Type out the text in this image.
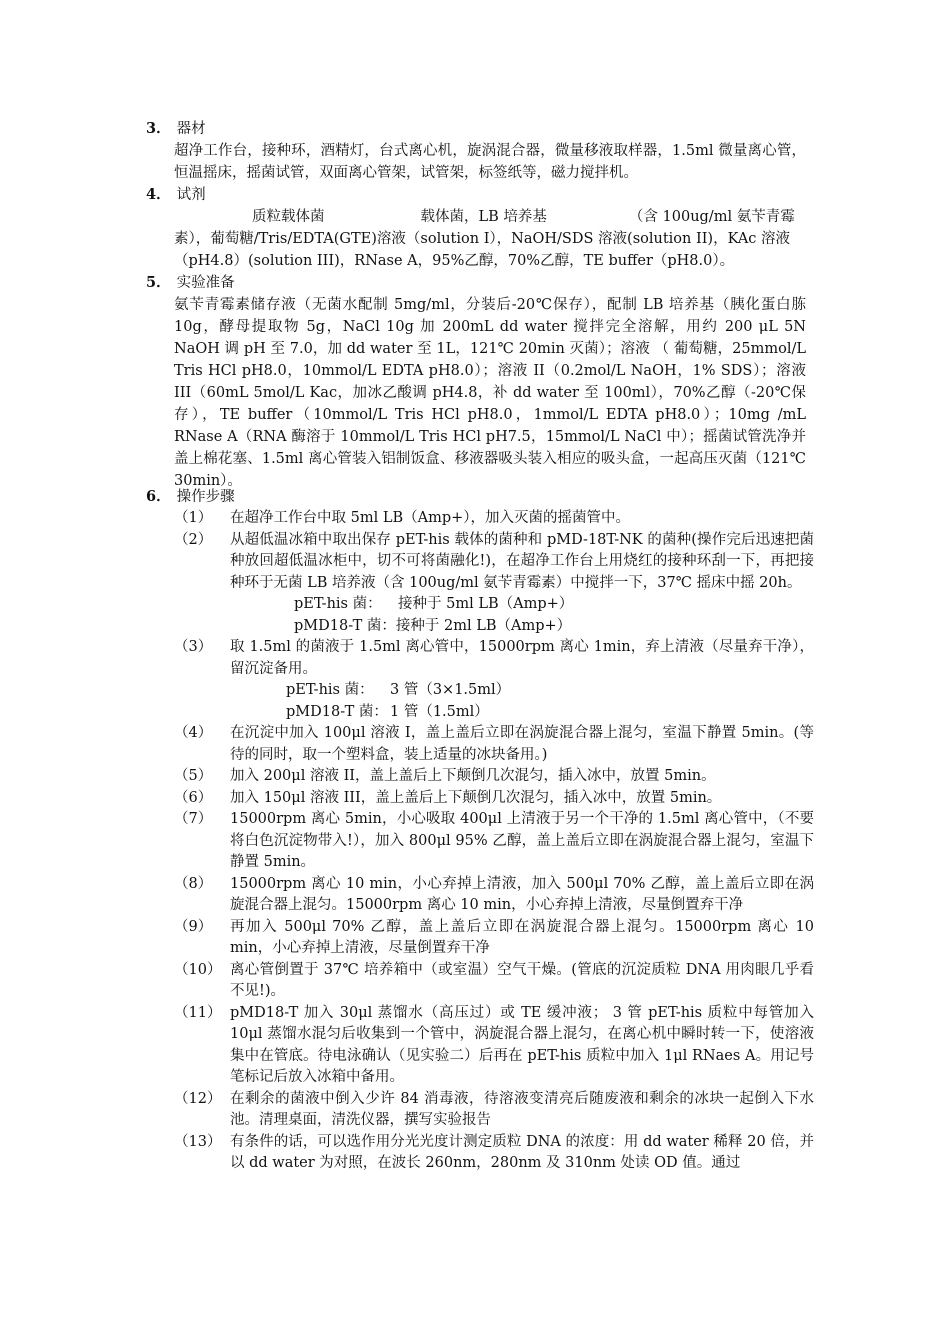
3． 器材
超净工作台，接种环，酒精灯，台式离心机，旋涡混合器，微量移液取样器，1.5ml 微量离心管，恒温摇床，摇菌试管，双面离心管架，试管架，标签纸等，磁力搅拌机。
4． 试剂
质粒载体菌	载体菌，LB 培养基	（含 100ug/ml 氨苄青霉
素），葡萄糖/Tris/EDTA(GTE)溶液（solution I），NaOH/SDS 溶液(solution II)，KAc 溶液（pH4.8）(solution III)，RNase A，95%乙醇，70%乙醇，TE buffer（pH8.0）。
5． 实验准备
氨苄青霉素储存液（无菌水配制 5mg/ml，分装后-20℃保存），配制 LB 培养基（胰化蛋白胨 10g，酵母提取物 5g，NaCl 10g 加 200mL dd water 搅拌完全溶解，用约 200 μL 5N NaOH 调 pH 至 7.0，加 dd water 至 1L，121℃ 20min 灭菌）；溶液 （ 葡萄糖，25mmol/L Tris HCl pH8.0，10mmol/L EDTA pH8.0）；溶液 II（0.2mol/L NaOH，1% SDS）；溶液 III（60mL 5mol/L Kac，加冰乙酸调 pH4.8，补 dd water 至 100ml），70%乙醇（-20℃保存），TE buffer（10mmol/L Tris HCl pH8.0，1mmol/L EDTA pH8.0）；10mg /mL RNase A（RNA 酶溶于 10mmol/L Tris HCl pH7.5，15mmol/L NaCl 中）；摇菌试管洗净并盖上棉花塞、1.5ml 离心管装入铝制饭盒、移液器吸头装入相应的吸头盒，一起高压灭菌（121℃ 30min）。
6． 操作步骤
（1）	在超净工作台中取 5ml LB（Amp+），加入灭菌的摇菌管中。
（2）	从超低温冰箱中取出保存 pET-his 载体的菌种和 pMD-18T-NK 的菌种(操作完后迅速把菌种放回超低温冰柜中，切不可将菌融化!)，在超净工作台上用烧红的接种环刮一下，再把接种环于无菌 LB 培养液（含 100ug/ml 氨苄青霉素）中搅拌一下，37℃ 摇床中摇 20h。
pET-his 菌： 接种于 5ml LB（Amp+）
pMD18-T 菌：接种于 2ml LB（Amp+）
（3）	取 1.5ml 的菌液于 1.5ml 离心管中，15000rpm 离心 1min，弃上清液（尽量弃干净），留沉淀备用。
pET-his 菌： 3 管（3×1.5ml）
pMD18-T 菌： 1 管（1.5ml）
（4）	在沉淀中加入 100μl 溶液 I，盖上盖后立即在涡旋混合器上混匀，室温下静置 5min。(等待的同时，取一个塑料盒，装上适量的冰块备用。)
（5）	加入 200μl 溶液 II，盖上盖后上下颠倒几次混匀，插入冰中，放置 5min。
（6）	加入 150μl 溶液 III，盖上盖后上下颠倒几次混匀，插入冰中，放置 5min。
（7）	15000rpm 离心 5min，小心吸取 400μl 上清液于另一个干净的 1.5ml 离心管中，（不要将白色沉淀物带入!），加入 800μl 95% 乙醇，盖上盖后立即在涡旋混合器上混匀，室温下静置 5min。
（8）	15000rpm 离心 10 min，小心弃掉上清液，加入 500μl 70% 乙醇，盖上盖后立即在涡旋混合器上混匀。15000rpm 离心 10 min，小心弃掉上清液，尽量倒置弃干净
（9）	再加入 500μl 70% 乙醇，盖上盖后立即在涡旋混合器上混匀。15000rpm 离心 10 min，小心弃掉上清液，尽量倒置弃干净
（10） 离心管倒置于 37℃ 培养箱中（或室温）空气干燥。(管底的沉淀质粒 DNA 用肉眼几乎看不见!)。
（11） pMD18-T 加入 30μl 蒸馏水（高压过）或 TE 缓冲液； 3 管 pET-his 质粒中每管加入 10μl 蒸馏水混匀后收集到一个管中，涡旋混合器上混匀，在离心机中瞬时转一下，使溶液集中在管底。待电泳确认（见实验二）后再在 pET-his 质粒中加入 1μl RNaes A。用记号笔标记后放入冰箱中备用。
（12） 在剩余的菌液中倒入少许 84 消毒液，待溶液变清亮后随废液和剩余的冰块一起倒入下水池。清理桌面，清洗仪器，撰写实验报告
（13） 有条件的话，可以选作用分光光度计测定质粒 DNA 的浓度：用 dd water 稀释 20 倍，并以 dd water 为对照，在波长 260nm，280nm 及 310nm 处读 OD 值。通过
